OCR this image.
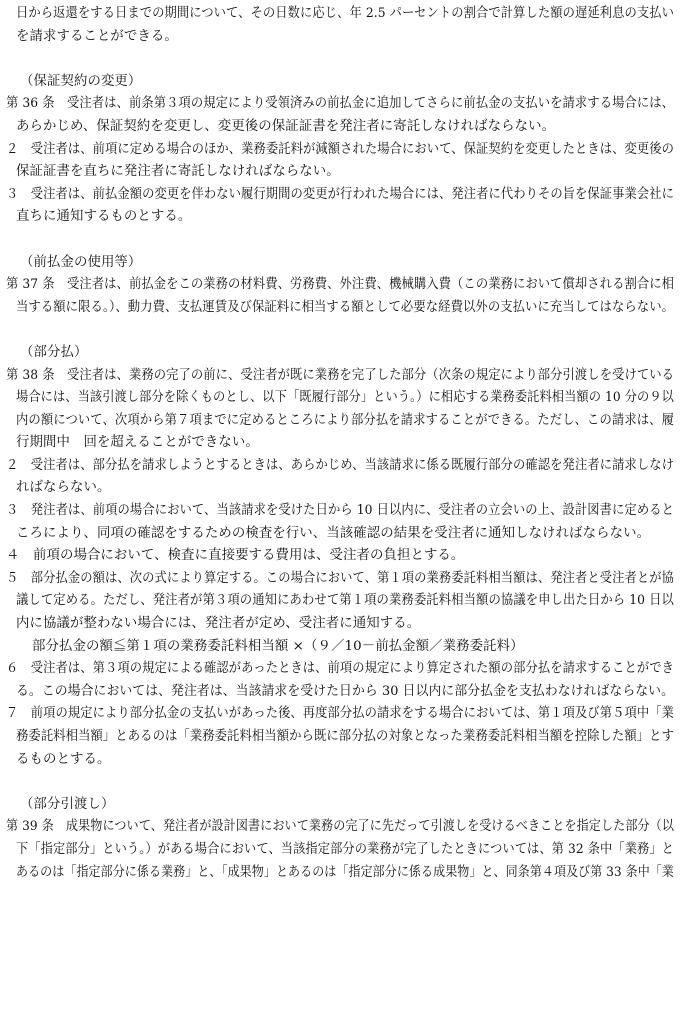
日から返還をする日までの期間について、その日数に応じ、年 2.5 パーセントの割合で計算した額の遅延利息の支払い
を請求することができる。
（保証契約の変更）
第 36 条　受注者は、前条第３項の規定により受領済みの前払金に追加してさらに前払金の支払いを請求する場合には、
あらかじめ、保証契約を変更し、変更後の保証証書を発注者に寄託しなければならない。
２　受注者は、前項に定める場合のほか、業務委託料が減額された場合において、保証契約を変更したときは、変更後の
保証証書を直ちに発注者に寄託しなければならない。
３　受注者は、前払金額の変更を伴わない履行期間の変更が行われた場合には、発注者に代わりその旨を保証事業会社に
直ちに通知するものとする。
（前払金の使用等）
第 37 条　受注者は、前払金をこの業務の材料費、労務費、外注費、機械購入費（この業務において償却される割合に相
当する額に限る。）、動力費、支払運賃及び保証料に相当する額として必要な経費以外の支払いに充当してはならない。
（部分払）
第 38 条　受注者は、業務の完了の前に、受注者が既に業務を完了した部分（次条の規定により部分引渡しを受けている
場合には、当該引渡し部分を除くものとし、以下「既履行部分」という。）に相応する業務委託料相当額の 10 分の９以
内の額について、次項から第７項までに定めるところにより部分払を請求することができる。ただし、この請求は、履
行期間中　回を超えることができない。
２　受注者は、部分払を請求しようとするときは、あらかじめ、当該請求に係る既履行部分の確認を発注者に請求しなけ
ればならない。
３　発注者は、前項の場合において、当該請求を受けた日から 10 日以内に、受注者の立会いの上、設計図書に定めると
ころにより、同項の確認をするための検査を行い、当該確認の結果を受注者に通知しなければならない。
４　前項の場合において、検査に直接要する費用は、受注者の負担とする。
５　部分払金の額は、次の式により算定する。この場合において、第１項の業務委託料相当額は、発注者と受注者とが協
議して定める。ただし、発注者が第３項の通知にあわせて第１項の業務委託料相当額の協議を申し出た日から 10 日以
内に協議が整わない場合には、発注者が定め、受注者に通知する。
部分払金の額≦第１項の業務委託料相当額 ×（９／10－前払金額／業務委託料）
６　受注者は、第３項の規定による確認があったときは、前項の規定により算定された額の部分払を請求することができ
る。この場合においては、発注者は、当該請求を受けた日から 30 日以内に部分払金を支払わなければならない。
７　前項の規定により部分払金の支払いがあった後、再度部分払の請求をする場合においては、第１項及び第５項中「業
務委託料相当額」とあるのは「業務委託料相当額から既に部分払の対象となった業務委託料相当額を控除した額」とす
るものとする。
（部分引渡し）
第 39 条　成果物について、発注者が設計図書において業務の完了に先だって引渡しを受けるべきことを指定した部分（以
下「指定部分」という。）がある場合において、当該指定部分の業務が完了したときについては、第 32 条中「業務」と
あるのは「指定部分に係る業務」と、「成果物」とあるのは「指定部分に係る成果物」と、同条第４項及び第 33 条中「業
